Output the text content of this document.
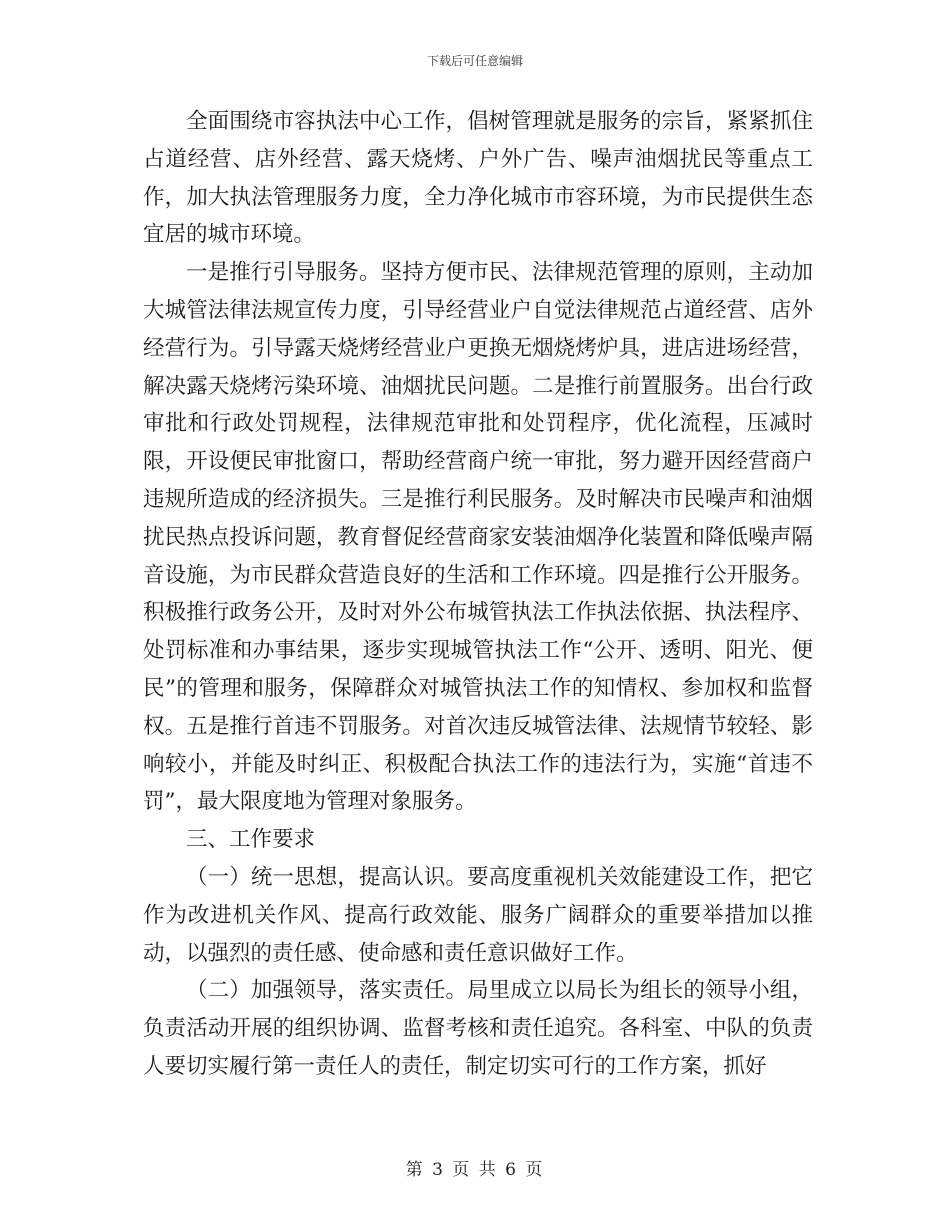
下载后可任意编辑

全面围绕市容执法中心工作，倡树管理就是服务的宗旨，紧紧抓住占道经营、店外经营、露天烧烤、户外广告、噪声油烟扰民等重点工作，加大执法管理服务力度，全力净化城市市容环境，为市民提供生态宜居的城市环境。

一是推行引导服务。坚持方便市民、法律规范管理的原则，主动加大城管法律法规宣传力度，引导经营业户自觉法律规范占道经营、店外经营行为。引导露天烧烤经营业户更换无烟烧烤炉具，进店进场经营，解决露天烧烤污染环境、油烟扰民问题。二是推行前置服务。出台行政审批和行政处罚规程，法律规范审批和处罚程序，优化流程，压减时限，开设便民审批窗口，帮助经营商户统一审批，努力避开因经营商户违规所造成的经济损失。三是推行利民服务。及时解决市民噪声和油烟扰民热点投诉问题，教育督促经营商家安装油烟净化装置和降低噪声隔音设施，为市民群众营造良好的生活和工作环境。四是推行公开服务。积极推行政务公开，及时对外公布城管执法工作执法依据、执法程序、处罚标准和办事结果，逐步实现城管执法工作“公开、透明、阳光、便民”的管理和服务，保障群众对城管执法工作的知情权、参加权和监督权。五是推行首违不罚服务。对首次违反城管法律、法规情节较轻、影响较小，并能及时纠正、积极配合执法工作的违法行为，实施“首违不罚”，最大限度地为管理对象服务。

三、工作要求

（一）统一思想，提高认识。要高度重视机关效能建设工作，把它作为改进机关作风、提高行政效能、服务广阔群众的重要举措加以推动，以强烈的责任感、使命感和责任意识做好工作。

（二）加强领导，落实责任。局里成立以局长为组长的领导小组，负责活动开展的组织协调、监督考核和责任追究。各科室、中队的负责人要切实履行第一责任人的责任，制定切实可行的工作方案，抓好

第 3 页 共 6 页
